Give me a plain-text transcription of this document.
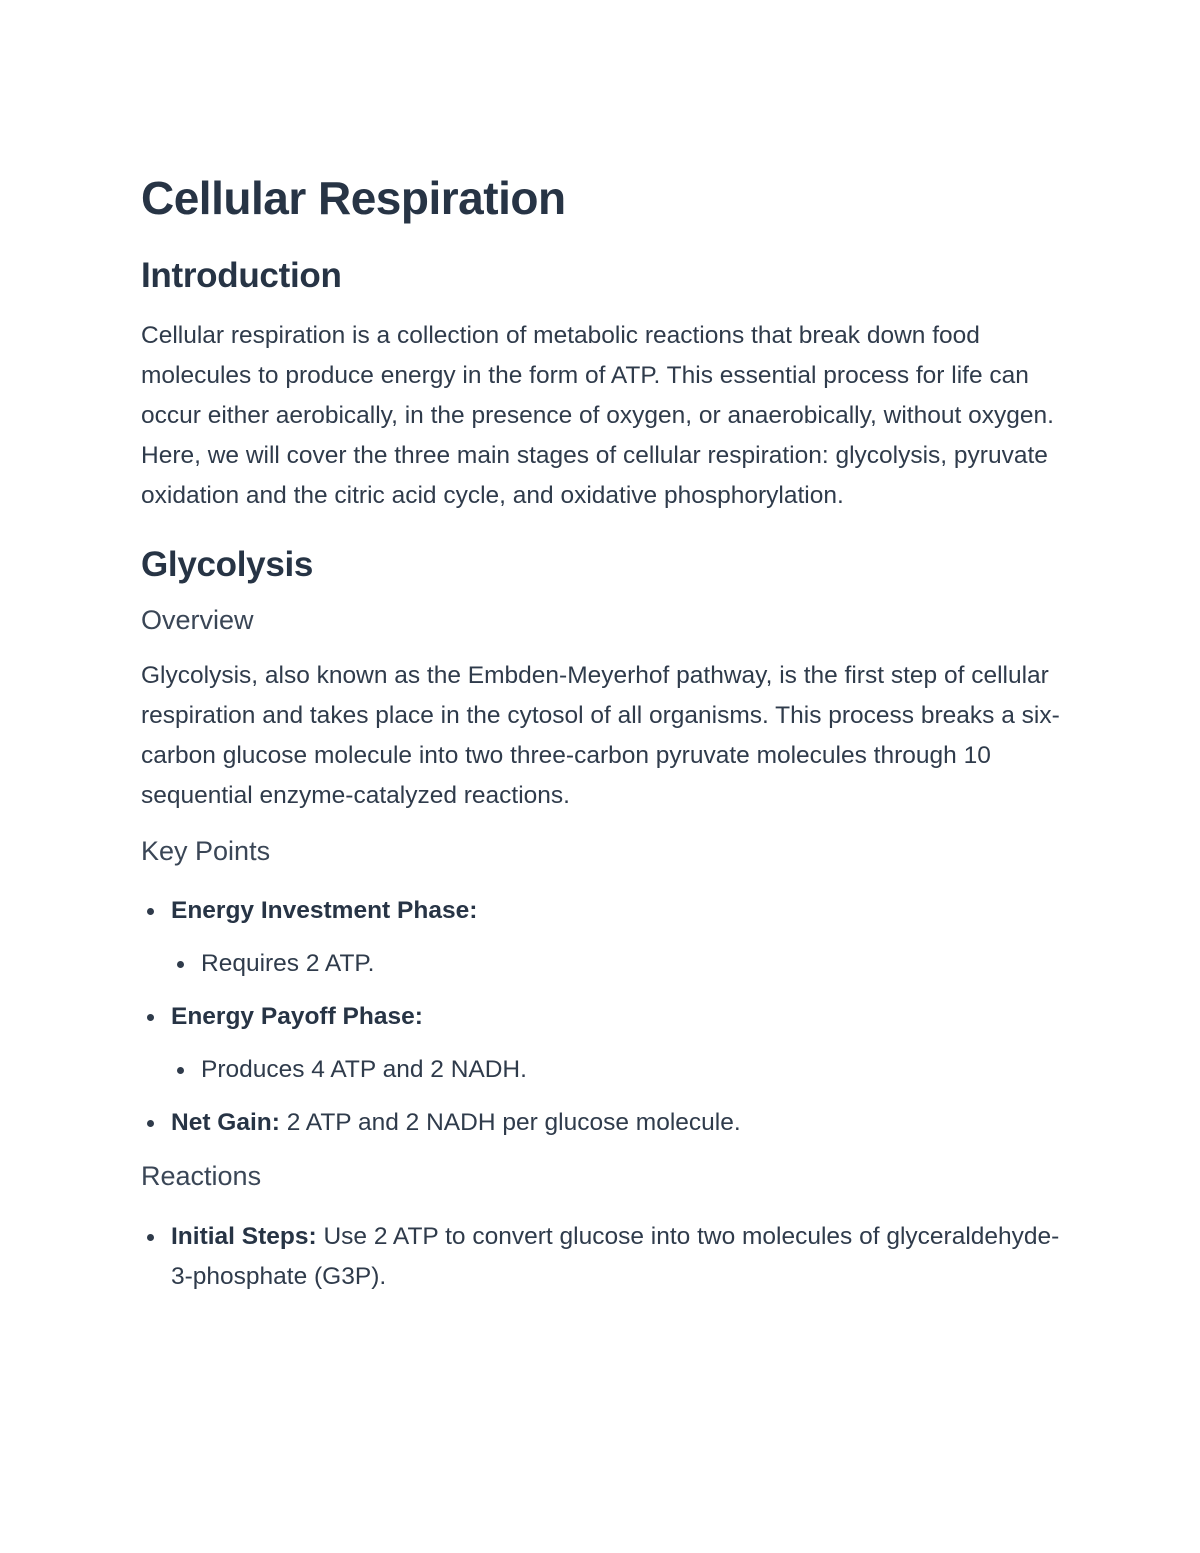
Cellular Respiration
Introduction

Cellular respiration is a collection of metabolic reactions that break down food molecules to produce energy in the form of ATP. This essential process for life can occur either aerobically, in the presence of oxygen, or anaerobically, without oxygen. Here, we will cover the three main stages of cellular respiration: glycolysis, pyruvate oxidation and the citric acid cycle, and oxidative phosphorylation.

Glycolysis
Overview

Glycolysis, also known as the Embden-Meyerhof pathway, is the first step of cellular respiration and takes place in the cytosol of all organisms. This process breaks a six-carbon glucose molecule into two three-carbon pyruvate molecules through 10 sequential enzyme-catalyzed reactions.

Key Points
Energy Investment Phase:
Requires 2 ATP.
Energy Payoff Phase:
Produces 4 ATP and 2 NADH.
Net Gain: 2 ATP and 2 NADH per glucose molecule.
Reactions
Initial Steps: Use 2 ATP to convert glucose into two molecules of glyceraldehyde-3-phosphate (G3P).
